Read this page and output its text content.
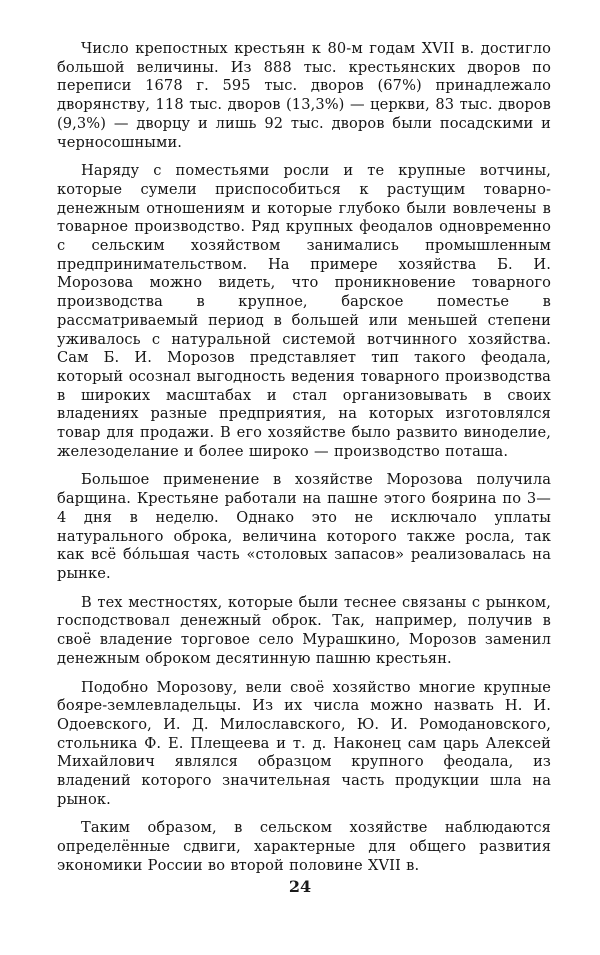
Число крепостных крестьян к 80-м годам XVII в. достигло большой величины. Из 888 тыс. крестьянских дворов по переписи 1678 г. 595 тыс. дворов (67%) принадлежало дворянству, 118 тыс. дворов (13,3%) — церкви, 83 тыс. дворов (9,3%) — дворцу и лишь 92 тыс. дворов были посадскими и черносошными.

Наряду с поместьями росли и те крупные вотчины, которые сумели приспособиться к растущим товарно-денежным отношениям и которые глубоко были вовлечены в товарное производство. Ряд крупных феодалов одновременно с сельским хозяйством занимались промышленным предпринимательством. На примере хозяйства Б. И. Морозова можно видеть, что проникновение товарного производства в крупное, барское поместье в рассматриваемый период в большей или меньшей степени уживалось с натуральной системой вотчинного хозяйства. Сам Б. И. Морозов представляет тип такого феодала, который осознал выгодность ведения товарного производства в широких масштабах и стал организовывать в своих владениях разные предприятия, на которых изготовлялся товар для продажи. В его хозяйстве было развито виноделие, железоделание и более широко — производство поташа.

Большое применение в хозяйстве Морозова получила барщина. Крестьяне работали на пашне этого боярина по 3—4 дня в неделю. Однако это не исключало уплаты натурального оброка, величина которого также росла, так как всё бо́льшая часть «столовых запасов» реализовалась на рынке.

В тех местностях, которые были теснее связаны с рынком, господствовал денежный оброк. Так, например, получив в своё владение торговое село Мурашкино, Морозов заменил денежным оброком десятинную пашню крестьян.

Подобно Морозову, вели своё хозяйство многие крупные бояре-землевладельцы. Из их числа можно назвать Н. И. Одоевского, И. Д. Милославского, Ю. И. Ромодановского, стольника Ф. Е. Плещеева и т. д. Наконец сам царь Алексей Михайлович являлся образцом крупного феодала, из владений которого значительная часть продукции шла на рынок.

Таким образом, в сельском хозяйстве наблюдаются определённые сдвиги, характерные для общего развития экономики России во второй половине XVII в.

24
